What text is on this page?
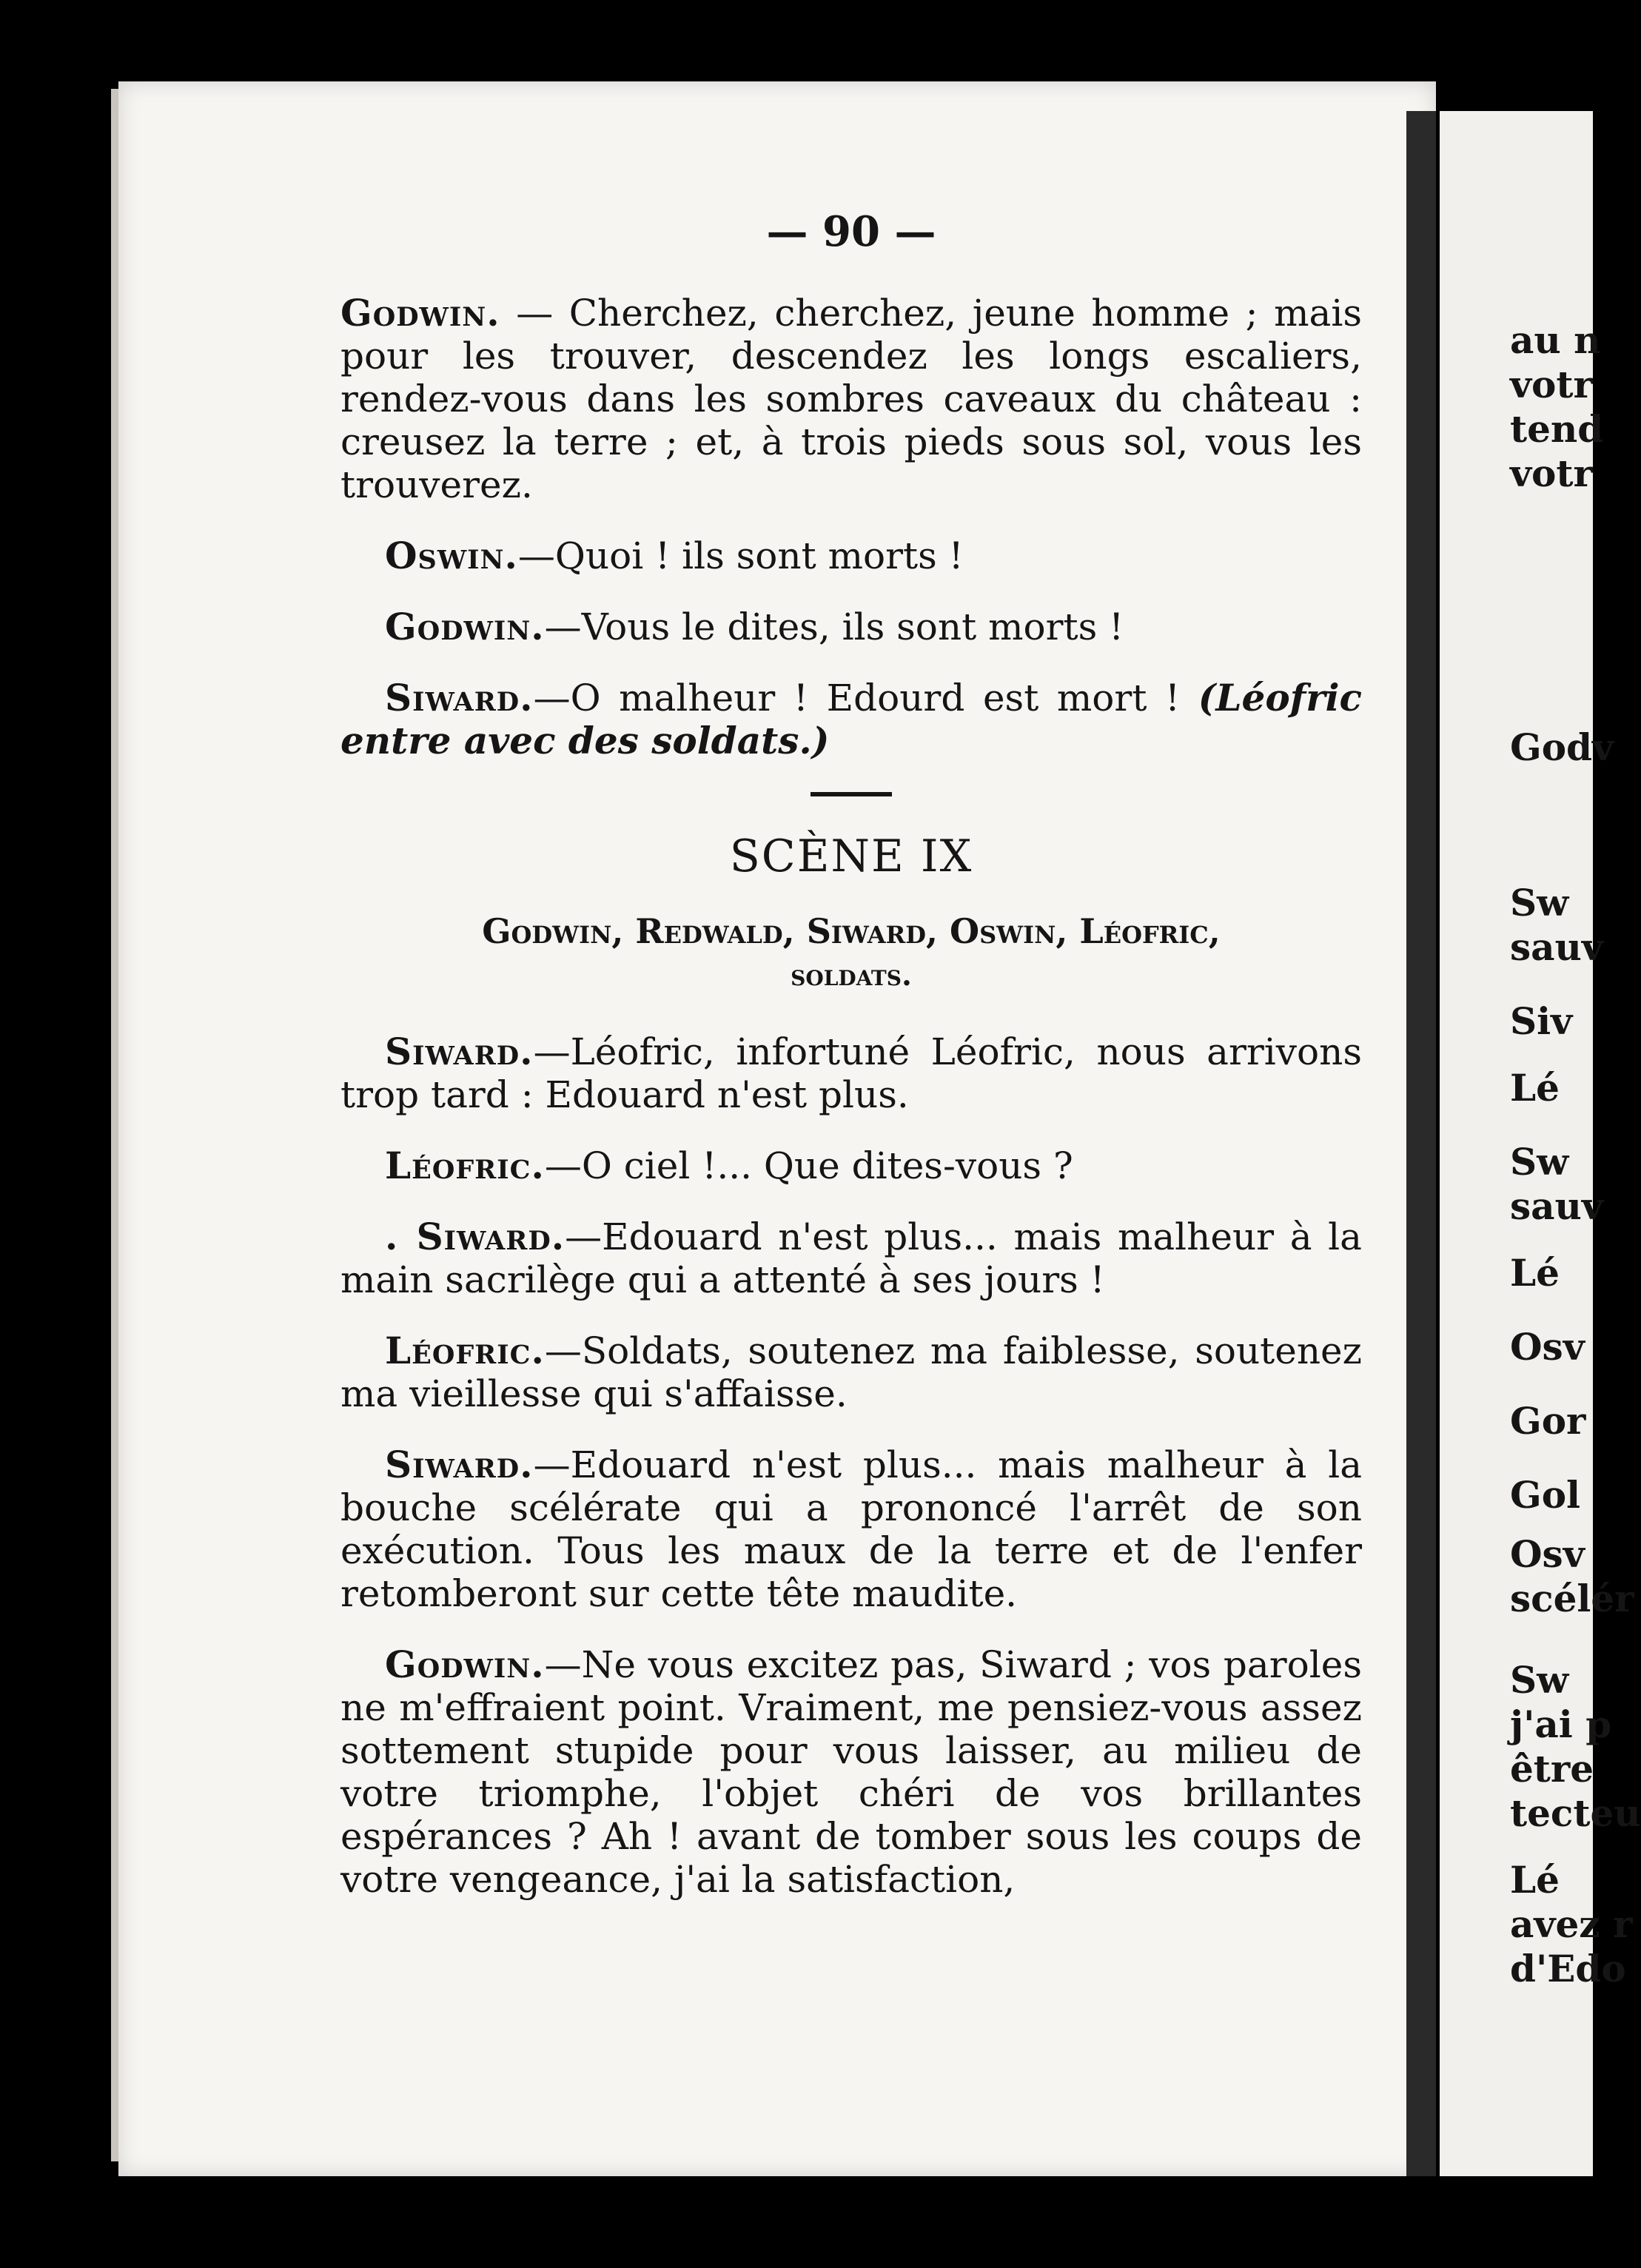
— 90 —

Godwin. — Cherchez, cherchez, jeune homme ; mais pour les trouver, descendez les longs escaliers, rendez-vous dans les sombres caveaux du château : creusez la terre ; et, à trois pieds sous sol, vous les trouverez.

Oswin.—Quoi ! ils sont morts !

Godwin.—Vous le dites, ils sont morts !

Siward.—O malheur ! Edourd est mort ! (Léofric entre avec des soldats.)

SCÈNE IX
Godwin, Redwald, Siward, Oswin, Léofric,
soldats.

Siward.—Léofric, infortuné Léofric, nous arrivons trop tard : Edouard n'est plus.

Léofric.—O ciel !... Que dites-vous ?

. Siward.—Edouard n'est plus... mais malheur à la main sacrilège qui a attenté à ses jours !

Léofric.—Soldats, soutenez ma faiblesse, soutenez ma vieillesse qui s'affaisse.

Siward.—Edouard n'est plus... mais malheur à la bouche scélérate qui a prononcé l'arrêt de son exécution. Tous les maux de la terre et de l'enfer retomberont sur cette tête maudite.

Godwin.—Ne vous excitez pas, Siward ; vos paroles ne m'effraient point. Vraiment, me pensiez-vous assez sottement stupide pour vous laisser, au milieu de votre triomphe, l'objet chéri de vos brillantes espérances ? Ah ! avant de tomber sous les coups de votre vengeance, j'ai la satisfaction,

au n
votr
tend
votr
Godv
Sw
sauv
Siv
Lé
Sw
sauv
Lé
Osv
Gor
Gol
Osv
scélér
Sw
j'ai p
être
tecteu
Lé
avez r
d'Edo
